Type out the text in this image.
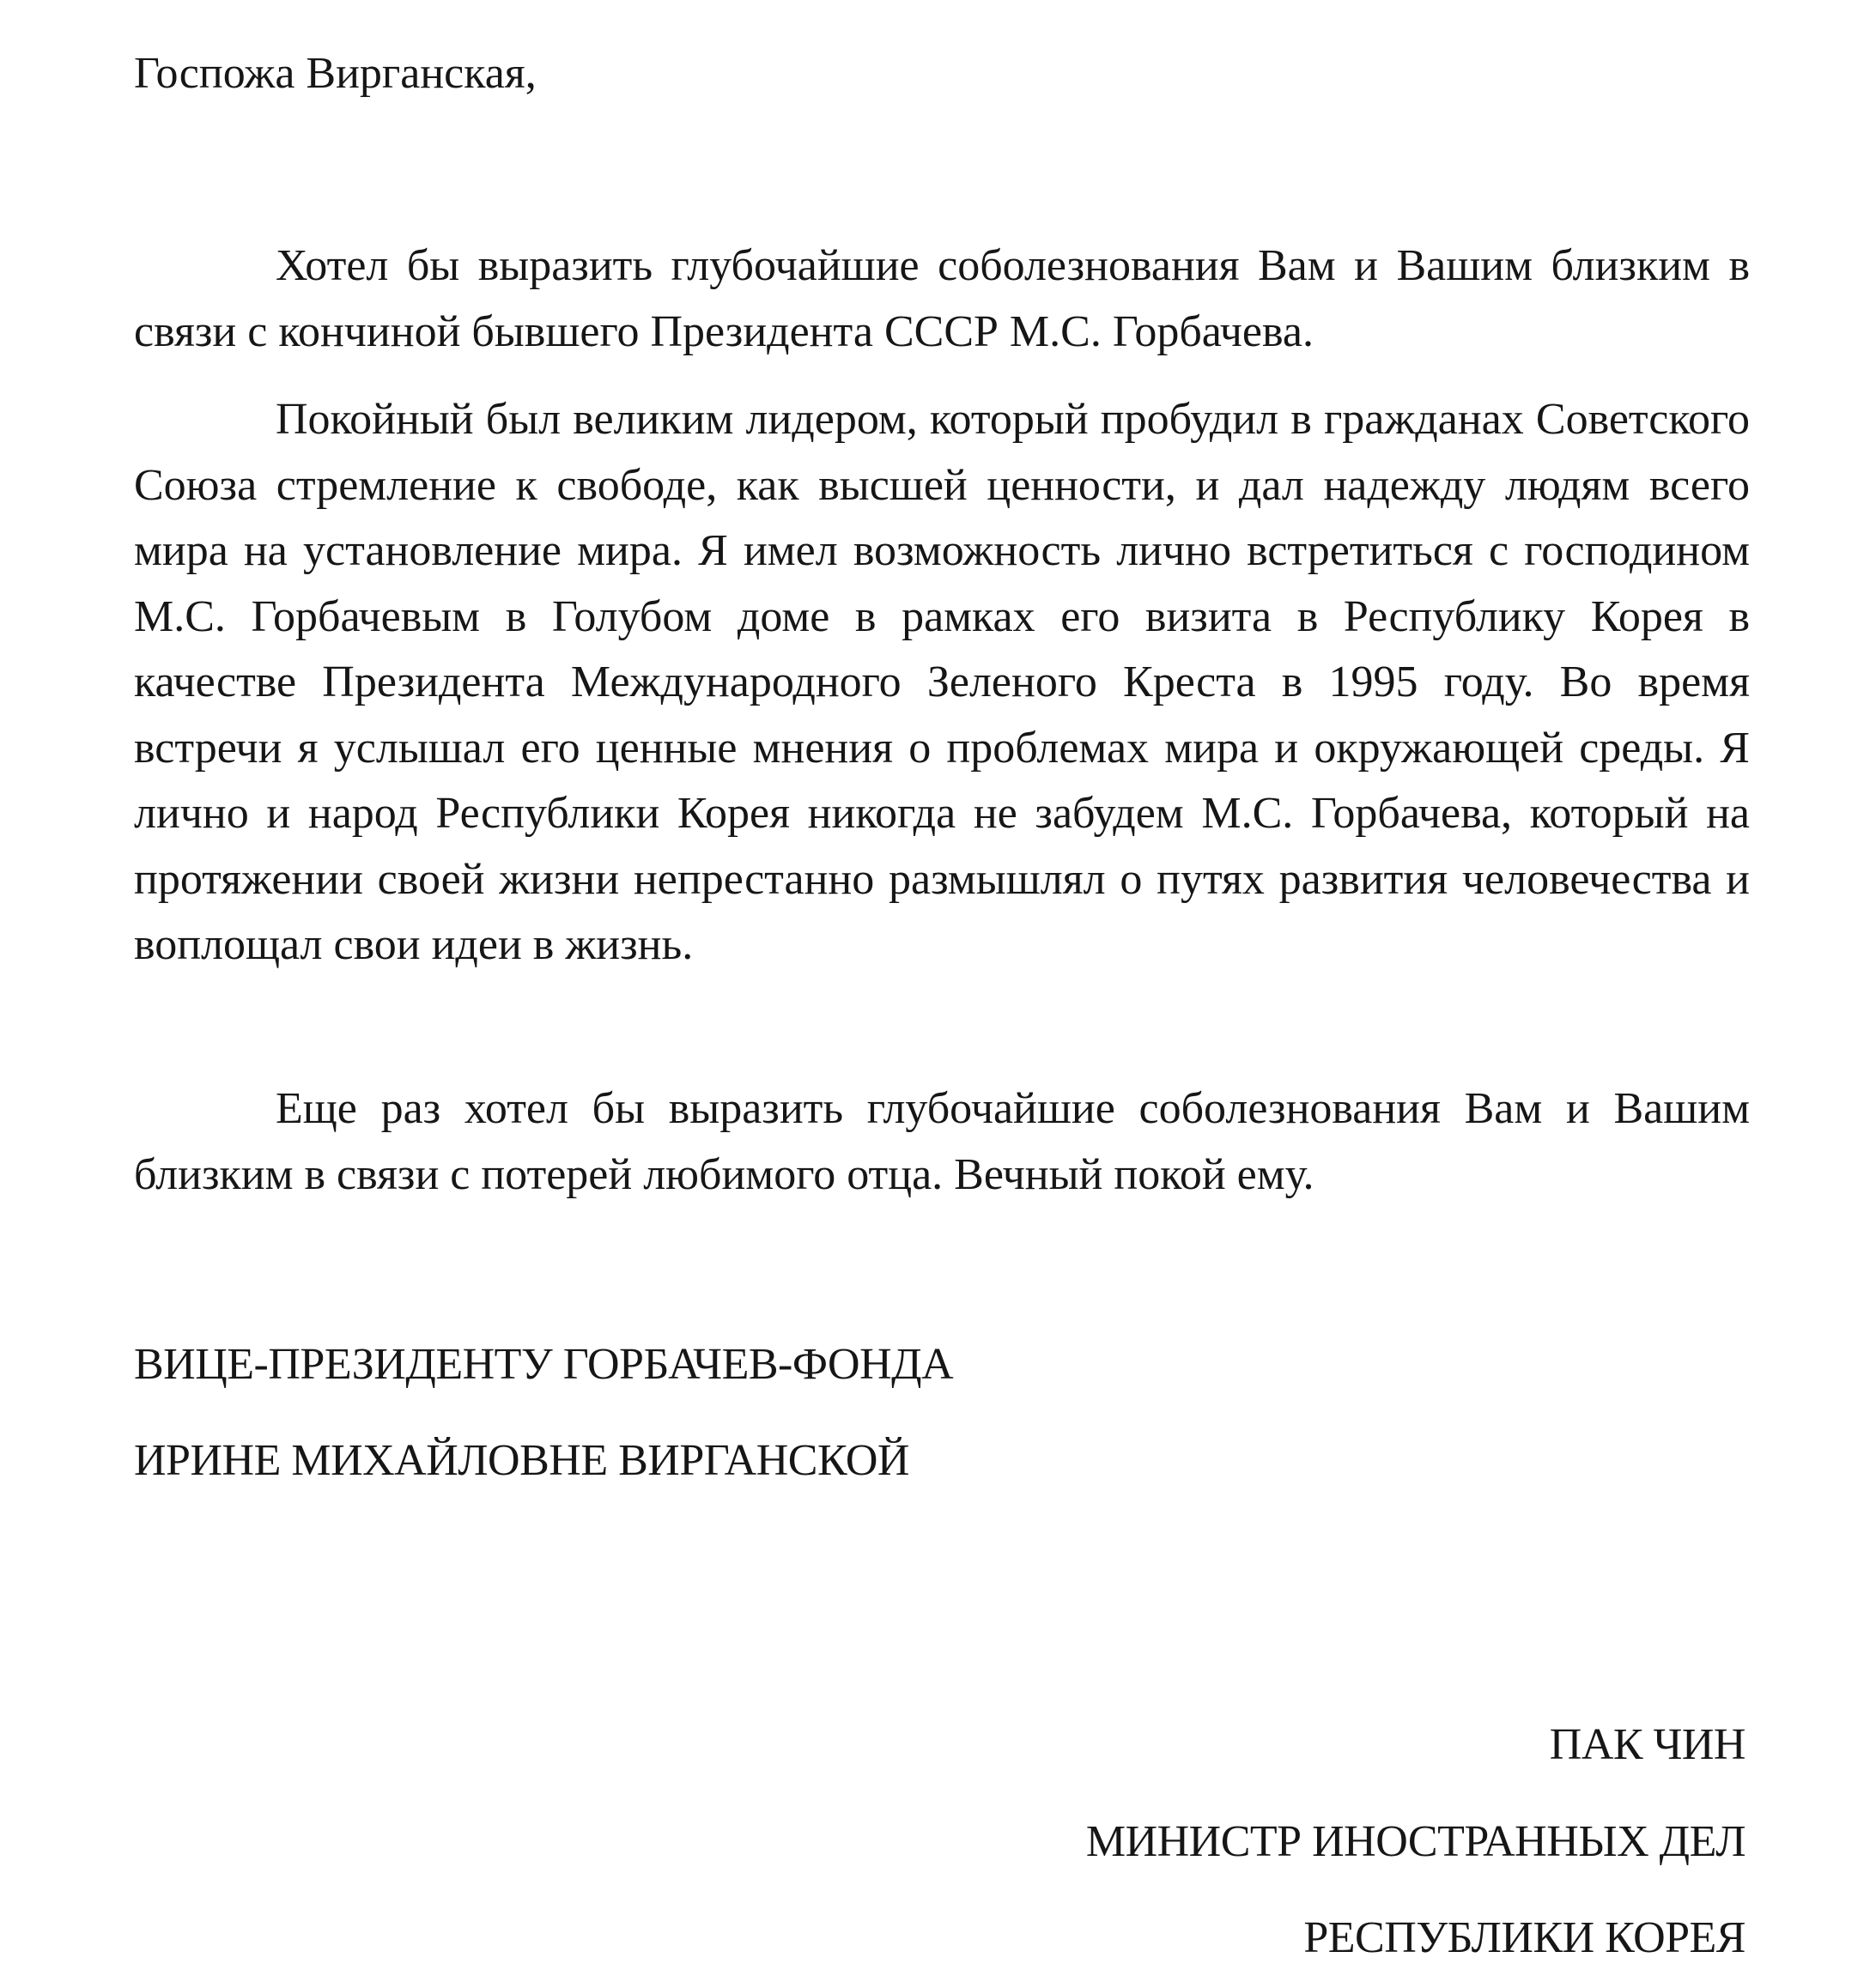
Госпожа Вирганская,

Хотел бы выразить глубочайшие соболезнования Вам и Вашим близким в связи с кончиной бывшего Президента СССР М.С. Горбачева.

Покойный был великим лидером, который пробудил в гражданах Советского Союза стремление к свободе, как высшей ценности, и дал надежду людям всего мира на установление мира. Я имел возможность лично встретиться с господином М.С. Горбачевым в Голубом доме в рамках его визита в Республику Корея в качестве Президента Международного Зеленого Креста в 1995 году. Во время встречи я услышал его ценные мнения о проблемах мира и окружающей среды. Я лично и народ Республики Корея никогда не забудем М.С. Горбачева, который на протяжении своей жизни непрестанно размышлял о путях развития человечества и воплощал свои идеи в жизнь.

Еще раз хотел бы выразить глубочайшие соболезнования Вам и Вашим близким в связи с потерей любимого отца. Вечный покой ему.

ВИЦЕ-ПРЕЗИДЕНТУ ГОРБАЧЕВ-ФОНДА

ИРИНЕ МИХАЙЛОВНЕ ВИРГАНСКОЙ

ПАК ЧИН

МИНИСТР ИНОСТРАННЫХ ДЕЛ

РЕСПУБЛИКИ КОРЕЯ
